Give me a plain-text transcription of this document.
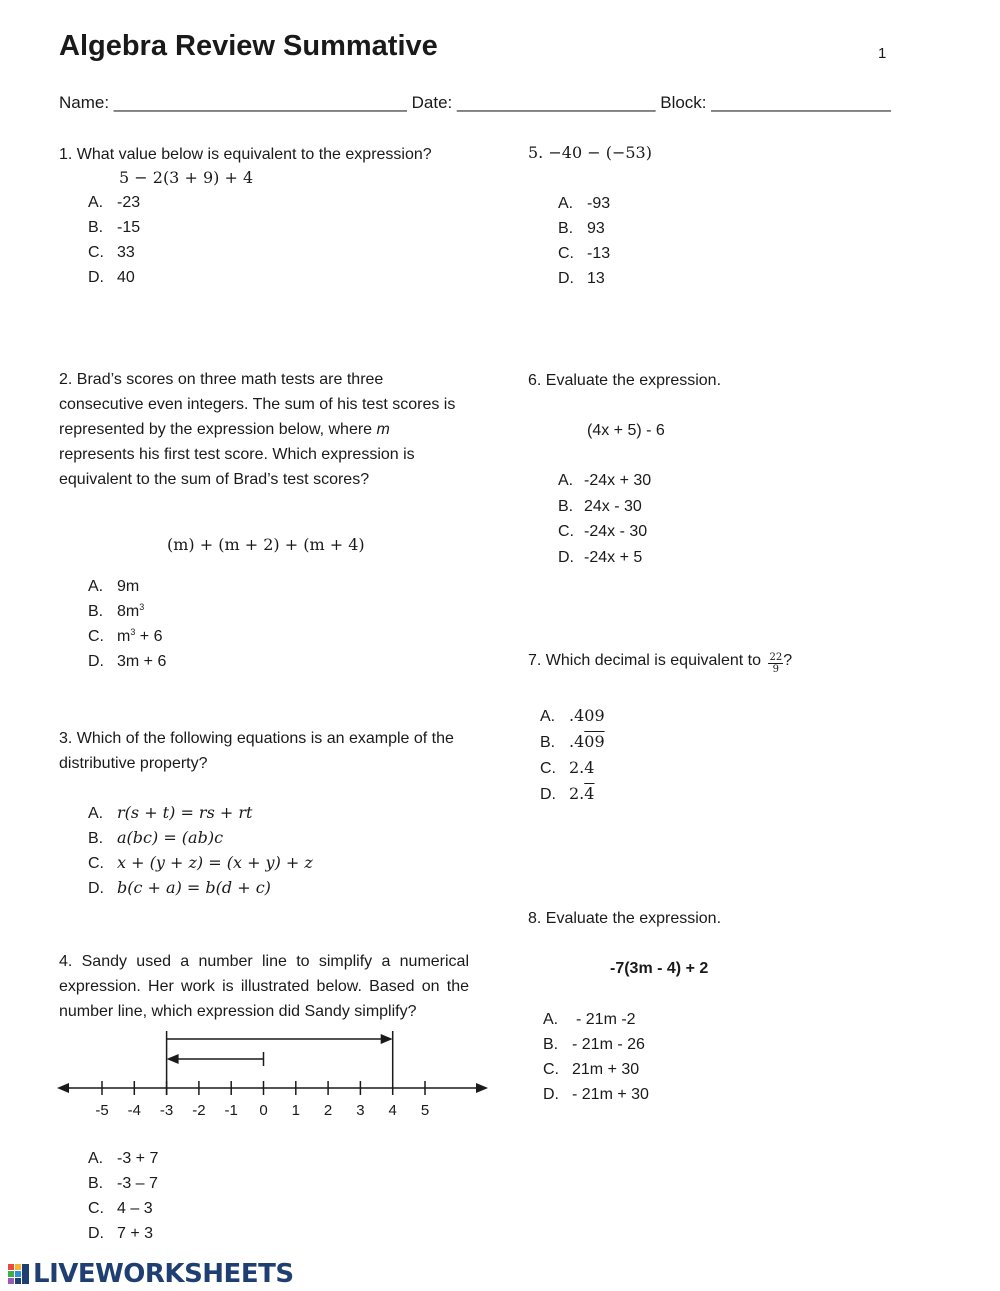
Algebra Review Summative	1
Name: _______________________________ Date: _____________________ Block: ___________________
1. What value below is equivalent to the expression?
5 − 2(3 + 9) + 4
A. -23
B. -15
C. 33
D. 40
2. Brad’s scores on three math tests are three consecutive even integers. The sum of his test scores is represented by the expression below, where m represents his first test score. Which expression is equivalent to the sum of Brad’s test scores?
(m) + (m + 2) + (m + 4)
A. 9m
B. $8m^3$
C. $m^3 + 6$
D. 3m + 6
3. Which of the following equations is an example of the distributive property?
A. r(s + t) = rs + rt
B. a(bc) = (ab)c
C. x + (y + z) = (x + y) + z
D. b(c + a) = b(d + c)
4. Sandy used a number line to simplify a numerical expression. Her work is illustrated below. Based on the number line, which expression did Sandy simplify?
-5 -4 -3 -2 -1 0 1 2 3 4 5
A. -3 + 7
B. -3 – 7
C. 4 – 3
D. 7 + 3
5. −40 − (−53)
A. -93
B. 93
C. -13
D. 13
6. Evaluate the expression.
(4x + 5) - 6
A. -24x + 30
B. 24x - 30
C. -24x - 30
D. -24x + 5
7. Which decimal is equivalent to $\frac{22}{9}$ ?
A. .409
B. .409
C. 2.4
D. 2.4
8. Evaluate the expression.
-7(3m - 4) + 2
A. - 21m -2
B. - 21m - 26
C. 21m + 30
D. - 21m + 30
LIVEWORKSHEETS
